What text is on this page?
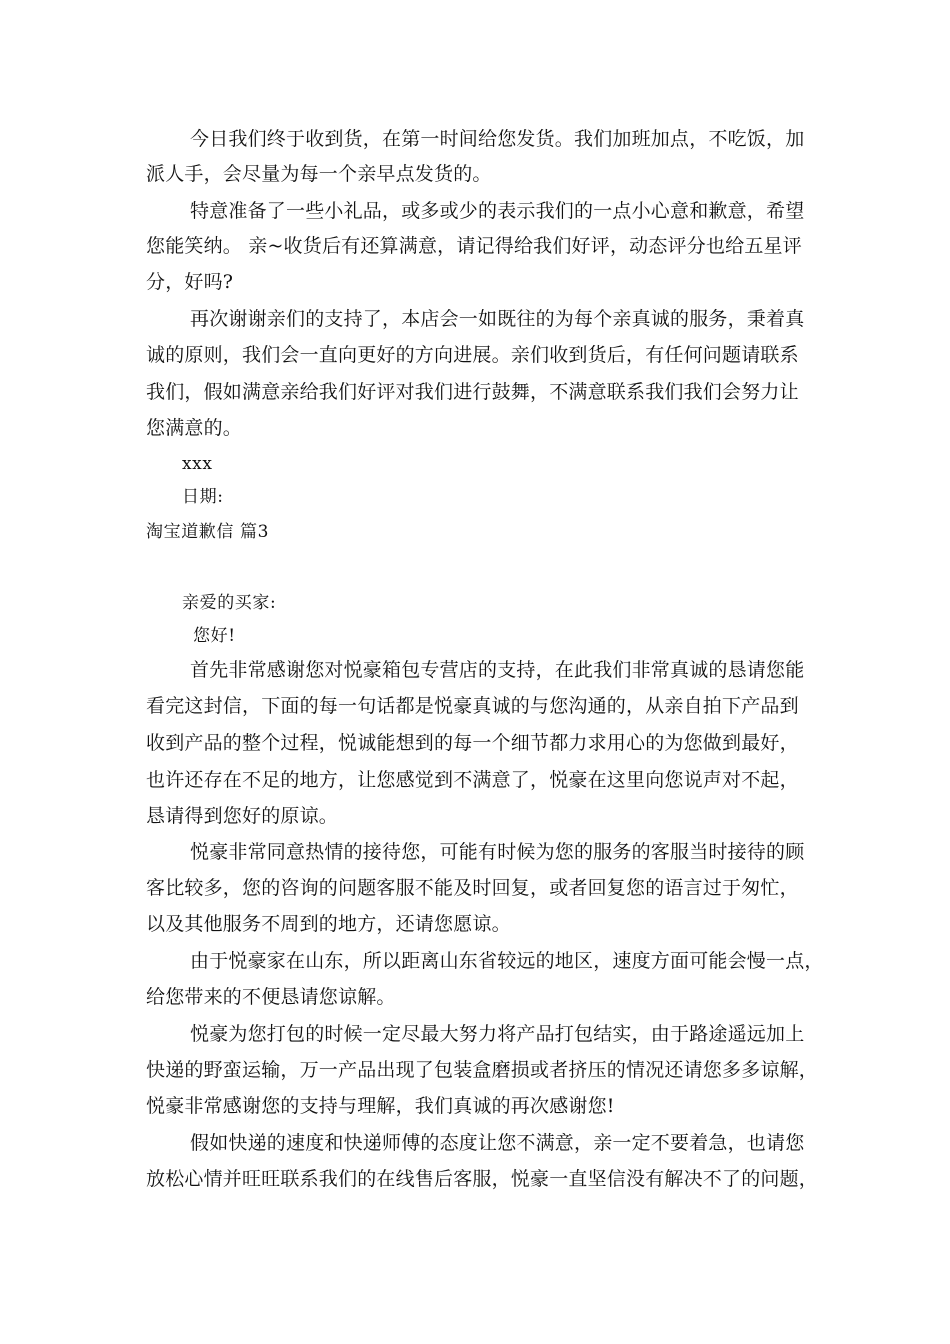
今日我们终于收到货，在第一时间给您发货。我们加班加点，不吃饭，加
派人手，会尽量为每一个亲早点发货的。
特意准备了一些小礼品，或多或少的表示我们的一点小心意和歉意，希望
您能笑纳。 亲~收货后有还算满意，请记得给我们好评，动态评分也给五星评
分，好吗?
再次谢谢亲们的支持了，本店会一如既往的为每个亲真诚的服务，秉着真
诚的原则，我们会一直向更好的方向进展。亲们收到货后，有任何问题请联系
我们，假如满意亲给我们好评对我们进行鼓舞，不满意联系我们我们会努力让
您满意的。
xxx
日期:
淘宝道歉信 篇3
亲爱的买家:
您好!
首先非常感谢您对悦豪箱包专营店的支持，在此我们非常真诚的恳请您能
看完这封信，下面的每一句话都是悦豪真诚的与您沟通的，从亲自拍下产品到
收到产品的整个过程，悦诚能想到的每一个细节都力求用心的为您做到最好，
也许还存在不足的地方，让您感觉到不满意了，悦豪在这里向您说声对不起，
恳请得到您好的原谅。
悦豪非常同意热情的接待您，可能有时候为您的服务的客服当时接待的顾
客比较多，您的咨询的问题客服不能及时回复，或者回复您的语言过于匆忙，
以及其他服务不周到的地方，还请您愿谅。
由于悦豪家在山东，所以距离山东省较远的地区，速度方面可能会慢一点，
给您带来的不便恳请您谅解。
悦豪为您打包的时候一定尽最大努力将产品打包结实，由于路途遥远加上
快递的野蛮运输，万一产品出现了包装盒磨损或者挤压的情况还请您多多谅解，
悦豪非常感谢您的支持与理解，我们真诚的再次感谢您!
假如快递的速度和快递师傅的态度让您不满意，亲一定不要着急，也请您
放松心情并旺旺联系我们的在线售后客服，悦豪一直坚信没有解决不了的问题，
